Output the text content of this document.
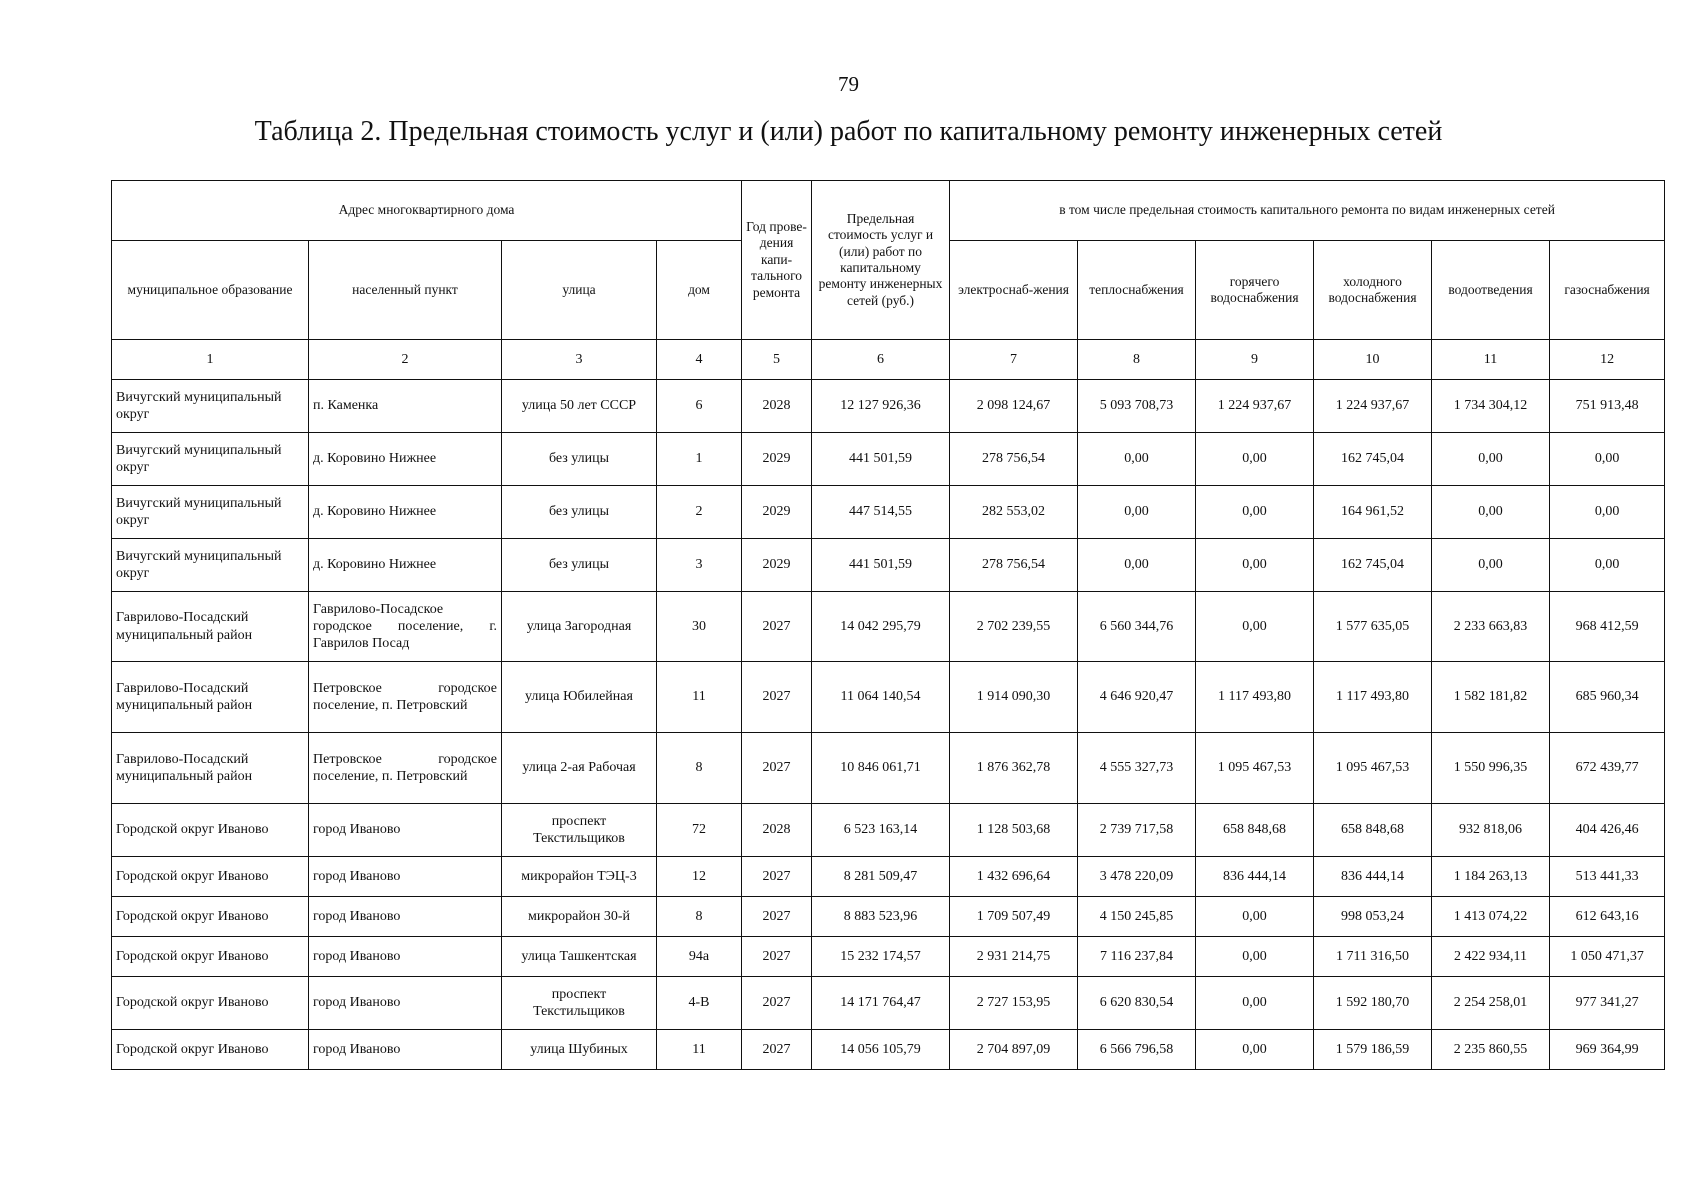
79
Таблица 2. Предельная стоимость услуг и (или) работ по капитальному ремонту инженерных сетей
Адрес многоквартирного дома				Год прове-дения капи-тального ремонта	Предельная стоимость услуг и (или) работ по капитальному ремонту инженерных сетей (руб.)	в том числе предельная стоимость капитального ремонта по видам инженерных сетей					
муниципальное образование	населенный пункт	улица	дом			электроснаб-жения	теплоснабжения	горячего водоснабжения	холодного водоснабжения	водоотведения	газоснабжения
1	2	3	4	5	6	7	8	9	10	11	12
Вичугский муниципальный округ	п. Каменка	улица 50 лет СССР	6	2028	12 127 926,36	2 098 124,67	5 093 708,73	1 224 937,67	1 224 937,67	1 734 304,12	751 913,48
Вичугский муниципальный округ	д. Коровино Нижнее	без улицы	1	2029	441 501,59	278 756,54	0,00	0,00	162 745,04	0,00	0,00
Вичугский муниципальный округ	д. Коровино Нижнее	без улицы	2	2029	447 514,55	282 553,02	0,00	0,00	164 961,52	0,00	0,00
Вичугский муниципальный округ	д. Коровино Нижнее	без улицы	3	2029	441 501,59	278 756,54	0,00	0,00	162 745,04	0,00	0,00
Гаврилово-Посадский муниципальный район	Гаврилово-Посадское городское поселение, г. Гаврилов Посад	улица Загородная	30	2027	14 042 295,79	2 702 239,55	6 560 344,76	0,00	1 577 635,05	2 233 663,83	968 412,59
Гаврилово-Посадский муниципальный район	Петровское городское поселение, п. Петровский	улица Юбилейная	11	2027	11 064 140,54	1 914 090,30	4 646 920,47	1 117 493,80	1 117 493,80	1 582 181,82	685 960,34
Гаврилово-Посадский муниципальный район	Петровское городское поселение, п. Петровский	улица 2-ая Рабочая	8	2027	10 846 061,71	1 876 362,78	4 555 327,73	1 095 467,53	1 095 467,53	1 550 996,35	672 439,77
Городской округ Иваново	город Иваново	проспект Текстильщиков	72	2028	6 523 163,14	1 128 503,68	2 739 717,58	658 848,68	658 848,68	932 818,06	404 426,46
Городской округ Иваново	город Иваново	микрорайон ТЭЦ-3	12	2027	8 281 509,47	1 432 696,64	3 478 220,09	836 444,14	836 444,14	1 184 263,13	513 441,33
Городской округ Иваново	город Иваново	микрорайон 30-й	8	2027	8 883 523,96	1 709 507,49	4 150 245,85	0,00	998 053,24	1 413 074,22	612 643,16
Городской округ Иваново	город Иваново	улица Ташкентская	94а	2027	15 232 174,57	2 931 214,75	7 116 237,84	0,00	1 711 316,50	2 422 934,11	1 050 471,37
Городской округ Иваново	город Иваново	проспект Текстильщиков	4-В	2027	14 171 764,47	2 727 153,95	6 620 830,54	0,00	1 592 180,70	2 254 258,01	977 341,27
Городской округ Иваново	город Иваново	улица Шубиных	11	2027	14 056 105,79	2 704 897,09	6 566 796,58	0,00	1 579 186,59	2 235 860,55	969 364,99
